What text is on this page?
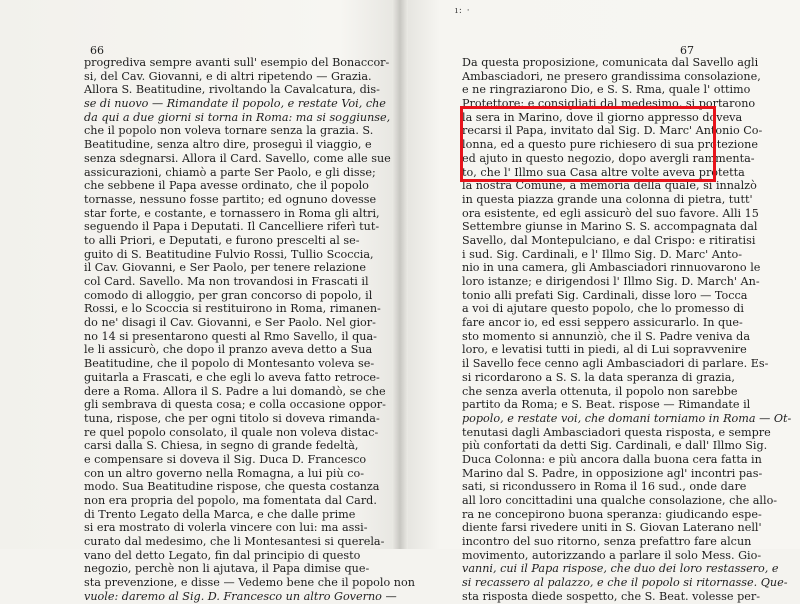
ı: ·
66	67
progrediva sempre avanti sull' esempio del Bonaccor-
si, del Cav. Giovanni, e di altri ripetendo — Grazia.
Allora S. Beatitudine, rivoltando la Cavalcatura, dis-
se di nuovo — Rimandate il popolo, e restate Voi, che
da qui a due giorni si torna in Roma: ma si soggiunse,
che il popolo non voleva tornare senza la grazia. S.
Beatitudine, senza altro dire, proseguì il viaggio, e
senza sdegnarsi. Allora il Card. Savello, come alle sue
assicurazioni, chiamò a parte Ser Paolo, e gli disse;
che sebbene il Papa avesse ordinato, che il popolo
tornasse, nessuno fosse partito; ed ognuno dovesse
star forte, e costante, e tornassero in Roma gli altri,
seguendo il Papa i Deputati. Il Cancelliere riferì tut-
to alli Priori, e Deputati, e furono prescelti al se-
guito di S. Beatitudine Fulvio Rossi, Tullio Scoccia,
il Cav. Giovanni, e Ser Paolo, per tenere relazione
col Card. Savello. Ma non trovandosi in Frascati il
comodo di alloggio, per gran concorso di popolo, il
Rossi, e lo Scoccia si restituirono in Roma, rimanen-
do ne' disagi il Cav. Giovanni, e Ser Paolo. Nel gior-
no 14 si presentarono questi al Rmo Savello, il qua-
le li assicurò, che dopo il pranzo aveva detto a Sua
Beatitudine, che il popolo di Montesanto voleva se-
guitarla a Frascati, e che egli lo aveva fatto retroce-
dere a Roma. Allora il S. Padre a lui domandò, se che
gli sembrava di questa cosa; e colla occasione oppor-
tuna, rispose, che per ogni titolo si doveva rimanda-
re quel popolo consolato, il quale non voleva distac-
carsi dalla S. Chiesa, in segno di grande fedeltà,
e compensare si doveva il Sig. Duca D. Francesco
con un altro governo nella Romagna, a lui più co-
modo. Sua Beatitudine rispose, che questa costanza
non era propria del popolo, ma fomentata dal Card.
di Trento Legato della Marca, e che dalle prime
si era mostrato di volerla vincere con lui: ma assi-
curato dal medesimo, che li Montesantesi si querela-
vano del detto Legato, fin dal principio di questo
negozio, perchè non li ajutava, il Papa dimise que-
sta prevenzione, e disse — Vedemo bene che il popolo non
vuole: daremo al Sig. D. Francesco un altro Governo —
Da questa proposizione, comunicata dal Savello agli
Ambasciadori, ne presero grandissima consolazione,
e ne ringraziarono Dio, e S. S. Rma, quale l' ottimo
Protettore: e consigliati dal medesimo, si portarono
la sera in Marino, dove il giorno appresso doveva
recarsi il Papa, invitato dal Sig. D. Marc' Antonio Co-
lonna, ed a questo pure richiesero di sua protezione
ed ajuto in questo negozio, dopo avergli rammenta-
to, che l' Illmo sua Casa altre volte aveva protetta
la nostra Comune, a memoria della quale, si innalzò
in questa piazza grande una colonna di pietra, tutt'
ora esistente, ed egli assicurò del suo favore. Alli 15
Settembre giunse in Marino S. S. accompagnata dal
Savello, dal Montepulciano, e dal Crispo: e ritiratisi
i sud. Sig. Cardinali, e l' Illmo Sig. D. Marc' Anto-
nio in una camera, gli Ambasciadori rinnuovarono le
loro istanze; e dirigendosi l' Illmo Sig. D. March' An-
tonio alli prefati Sig. Cardinali, disse loro — Tocca
a voi di ajutare questo popolo, che lo promesso di
fare ancor io, ed essi seppero assicurarlo. In que-
sto momento si annunziò, che il S. Padre veniva da
loro, e levatisi tutti in piedi, al di Lui sopravvenire
il Savello fece cenno agli Ambasciadori di parlare. Es-
si ricordarono a S. S. la data speranza di grazia,
che senza averla ottenuta, il popolo non sarebbe
partito da Roma; e S. Beat. rispose — Rimandate il
popolo, e restate voi, che domani torniamo in Roma — Ot-
tenutasi dagli Ambasciadori questa risposta, e sempre
più confortati da detti Sig. Cardinali, e dall' Illmo Sig.
Duca Colonna: e più ancora dalla buona cera fatta in
Marino dal S. Padre, in opposizione agl' incontri pas-
sati, si ricondussero in Roma il 16 sud., onde dare
all loro concittadini una qualche consolazione, che allo-
ra ne concepirono buona speranza: giudicando espe-
diente farsi rivedere uniti in S. Giovan Laterano nell'
incontro del suo ritorno, senza prefattro fare alcun
movimento, autorizzando a parlare il solo Mess. Gio-
vanni, cui il Papa rispose, che duo dei loro restassero, e
si recassero al palazzo, e che il popolo si ritornasse. Que-
sta risposta diede sospetto, che S. Beat. volesse per-
